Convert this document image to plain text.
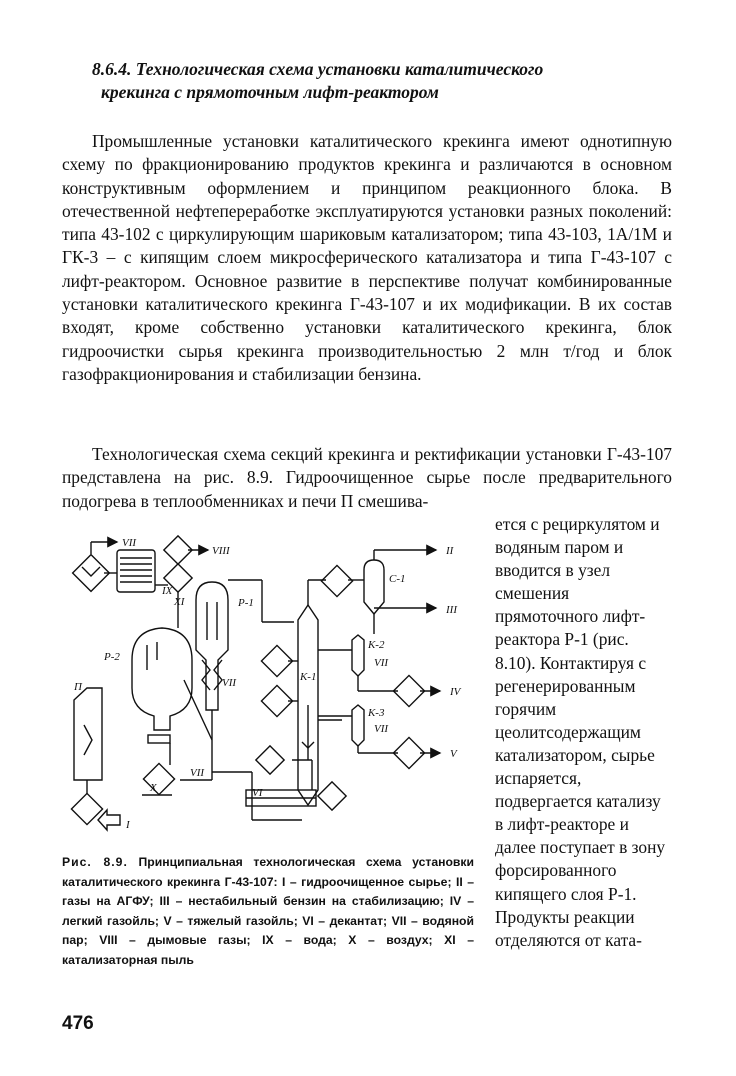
8.6.4. Технологическая схема установки каталитического
крекинга с прямоточным лифт-реактором

Промышленные установки каталитического крекинга имеют однотипную схему по фракционированию продуктов крекинга и различаются в основном конструктивным оформлением и принципом реакционного блока. В отечественной нефтепереработке эксплуатируются установки разных поколений: типа 43-102 с циркулирующим шариковым катализатором; типа 43-103, 1А/1М и ГК-3 – с кипящим слоем микросферического катализатора и типа Г-43-107 с лифт-реактором. Основное развитие в перспективе получат комбинированные установки каталитического крекинга Г-43-107 и их модификации. В их состав входят, кроме собственно установки каталитического крекинга, блок гидроочистки сырья крекинга производительностью 2 млн т/год и блок газофракционирования и стабилизации бензина.

Технологическая схема секций крекинга и ректификации установки Г-43-107 представлена на рис. 8.9. Гидроочищенное сырье после предварительного подогрева в теплообменниках и печи П смешива-

ется с рециркулятом и водяным паром и вводится в узел смешения прямоточного лифт-реактора Р-1 (рис. 8.10). Контактируя с регенерированным горячим цеолитсодержащим катализатором, сырье испаряется, подвергается катализу в лифт-реакторе и далее поступает в зону форсированного кипящего слоя Р-1. Продукты реакции отделяются от ката-

VII
VIII
IX
XI
Р-2
Р-1
VII
П
I
X
VII
VI
К-1
С-1
II
III
К-2
VII
IV
К-3
VII
V

Рис. 8.9. Принципиальная технологическая схема установки каталитического крекинга Г-43-107: I – гидроочищенное сырье; II – газы на АГФУ; III – нестабильный бензин на стабилизацию; IV –легкий газойль; V – тяжелый газойль; VI – декантат; VII – водяной пар; VIII – дымовые газы; IX – вода; X – воздух; XI – катализаторная пыль

476
